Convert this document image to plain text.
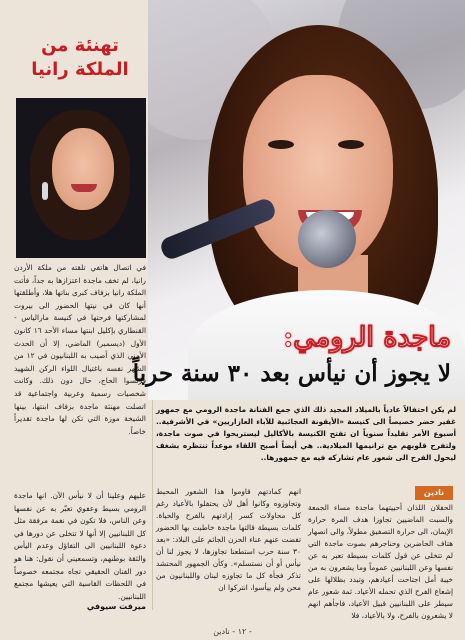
ماجدة الرومي:
لا يجوز أن نيأس بعد ٣٠ سنة حرباً
تهنئة من الملكة رانيا

في اتصال هاتفي تلقته من ملكة الأردن رانيا، لم تخف ماجدة اعتزازها به جداً، فأتت الملكة رانيا بزفاف كبرى بناتها هلا، وأطلقتها أنها كان في نيتها الحضور الى بيروت لمشاركتها فرحتها في كنيسة مارالياس - القنطاري بإكليل ابنتها مساء الأحد ١٦ كانون الأول (ديسمبر) الماضي، إلا أن الحدث الأمني الذي أصيب به اللبنانيون في ١٢ من الشهر نفسه باغتيال اللواء الركن الشهيد فرنسوا الحاج، حال دون ذلك. وكانت شخصيات رسمية وعربية واجتماعية قد اتصلت مهنئة ماجدة بزفاف ابنتها، بينها الشيخة موزة التي تكن لها ماجدة تقديراً خاصاً.

عليهم وعلينا أن لا نيأس الآن. انها ماجدة الرومي بسيط وعفوي تعبّر به عن نفسها وعن الناس، فلا تكون في نغمة مرفقة مثل كل اللبنانيين إلا أنها لا تتخلى عن دورها في دعوة اللبنانيين الى التفاؤل وعدم اليأس والثقة بوطنهم، وتسمعيني أن نقول: هنا هو دور الفنان الحقيقي تجاه مجتمعه خصوصاً في اللحظات القاسية التي يعيشها مجتمع اللبنانيين.

ميرفت سيوفي

لم يكن احتفالاً عادياً بالميلاد المجيد ذلك الذي جمع الفنانة ماجدة الرومي مع جمهور غفير حضر خصيصاً الى كنيسة «الأيقونة العجائبية للآباء العازاريين» في الأشرفية.. أسبوع الأمر تقليداً سنوياً ان تفتح الكنيسة بالأكاليل ليستريحوا في صوت ماجدة، ولتفرح قلوبهم مع ترانيمها الميلادية.. هي أيضاً أصبح اللقاء موعداً تنتظره بشغف ليحول الفرح الى شعور عام تشاركه فيه مع جمهورها..

نادين

الحفلان اللذان أحييتهما ماجدة مساء الجمعة والسبت الماضيين تجاوزا هدف المرة حرارة الإيمان، الى حرارة التصفيق مطولاً، والى انصهار هتاف الحاضرين وحناجرهم بصوت ماجدة التي لم تتخلى عن قول كلمات بسيطة تعبر به عن نفسها وعن اللبنانيين عموماً وما يشعرون به من خيبة أمل اجتاحت أعيادهم، وتبدد بظلالها على إشعاع الفرح الذي تحمله الأعياد. ثمة شعور عام سيطر على اللبنانيين قبيل الأعياد، فاجأهم انهم لا يشعرون بالفرح، ولا بالأعياد، فلا

انهم كمادتهم قاوموا هذا الشعور المحبط وتجاوزوه وكانوا أهل لأن يحتفلوا بالأعياد رغم كل محاولات كسر إرادتهم بالفرح والحياة. كلمات بسيطة قالتها ماجدة خاطبت بها الحضور تفضت عنهم عناء الحزن الجاثم على البلاد: «بعد ٣٠ سنة حرب استطعنا تجاوزها، لا يجوز لنا أن نيأس أو أن نستسلم». وكأن الجمهور المحتشد تذكر فجأة كل ما تجاوزه لبنان واللبنانيون من محن ولم ييأسوا، انتركوا ان

- ١٢ - نادين
